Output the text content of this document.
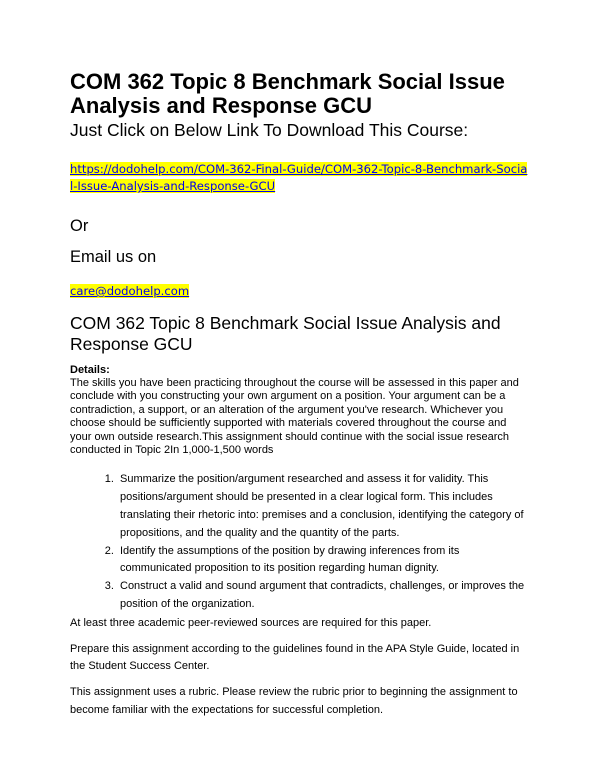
COM 362 Topic 8 Benchmark Social Issue Analysis and Response GCU
Just Click on Below Link To Download This Course:
https://dodohelp.com/COM-362-Final-Guide/COM-362-Topic-8-Benchmark-Social-Issue-Analysis-and-Response-GCU
Or
Email us on
care@dodohelp.com
COM 362 Topic 8 Benchmark Social Issue Analysis and Response GCU
Details:

The skills you have been practicing throughout the course will be assessed in this paper and conclude with you constructing your own argument on a position. Your argument can be a contradiction, a support, or an alteration of the argument you've research. Whichever you choose should be sufficiently supported with materials covered throughout the course and your own outside research.This assignment should continue with the social issue research conducted in Topic 2In 1,000-1,500 words

1. Summarize the position/argument researched and assess it for validity. This positions/argument should be presented in a clear logical form. This includes translating their rhetoric into: premises and a conclusion, identifying the category of propositions, and the quality and the quantity of the parts.
2. Identify the assumptions of the position by drawing inferences from its communicated proposition to its position regarding human dignity.
3. Construct a valid and sound argument that contradicts, challenges, or improves the position of the organization.

At least three academic peer-reviewed sources are required for this paper.

Prepare this assignment according to the guidelines found in the APA Style Guide, located in the Student Success Center.

This assignment uses a rubric. Please review the rubric prior to beginning the assignment to become familiar with the expectations for successful completion.
